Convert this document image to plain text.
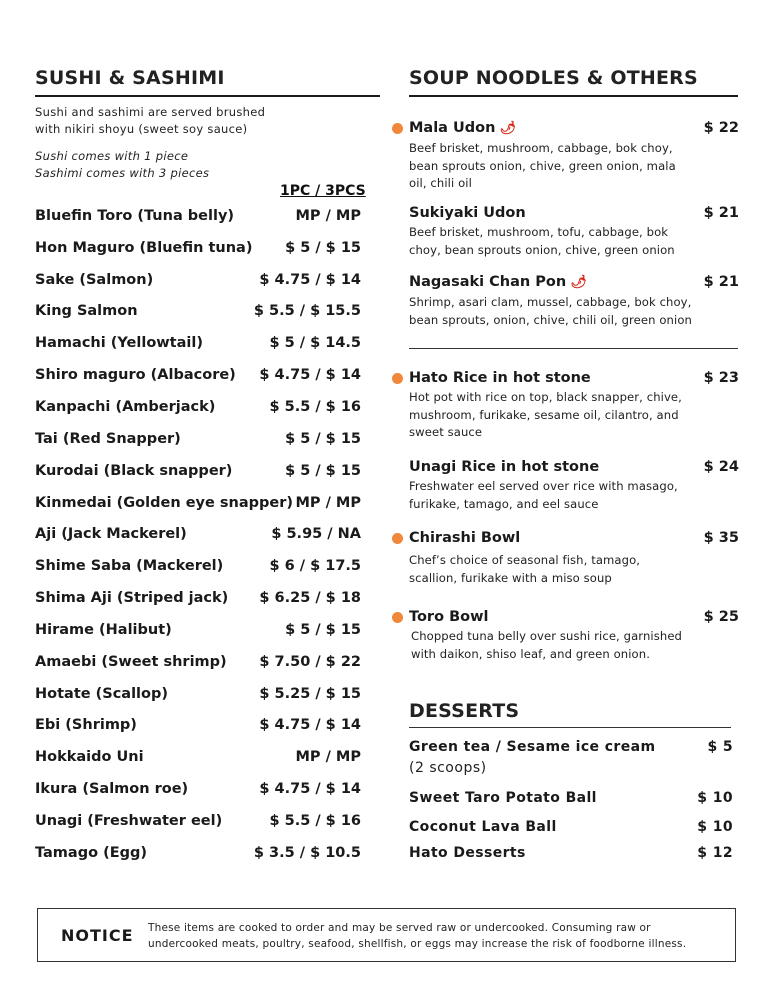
SUSHI & SASHIMI
Sushi and sashimi are served brushed
with nikiri shoyu (sweet soy sauce)
Sushi comes with 1 piece
Sashimi comes with 3 pieces
1PC / 3PCS
Bluefin Toro (Tuna belly)	MP / MP
Hon Maguro (Bluefin tuna) $ 5 / $ 15
Sake (Salmon)	$ 4.75 / $ 14
King Salmon	$ 5.5 / $ 15.5
Hamachi (Yellowtail)	$ 5 / $ 14.5
Shiro maguro (Albacore) $ 4.75 / $ 14
Kanpachi (Amberjack)	$ 5.5 / $ 16
Tai (Red Snapper)	$ 5 / $ 15
Kurodai (Black snapper)	$ 5 / $ 15
Kinmedai (Golden eye snapper) MP / MP
Aji (Jack Mackerel)	$ 5.95 / NA
Shime Saba (Mackerel)	$ 6 / $ 17.5
Shima Aji (Striped jack) $ 6.25 / $ 18
Hirame (Halibut)	$ 5 / $ 15
Amaebi (Sweet shrimp) $ 7.50 / $ 22
Hotate (Scallop)	$ 5.25 / $ 15
Ebi (Shrimp)	$ 4.75 / $ 14
Hokkaido Uni	MP / MP
Ikura (Salmon roe)	$ 4.75 / $ 14
Unagi (Freshwater eel)	$ 5.5 / $ 16
Tamago (Egg)	$ 3.5 / $ 10.5
SOUP NOODLES & OTHERS
Mala Udon 🌶	$ 22
Beef brisket, mushroom, cabbage, bok choy,
bean sprouts onion, chive, green onion, mala
oil, chili oil
Sukiyaki Udon	$ 21
Beef brisket, mushroom, tofu, cabbage, bok
choy, bean sprouts onion, chive, green onion
Nagasaki Chan Pon 🌶	$ 21
Shrimp, asari clam, mussel, cabbage, bok choy,
bean sprouts, onion, chive, chili oil, green onion
Hato Rice in hot stone	$ 23
Hot pot with rice on top, black snapper, chive,
mushroom, furikake, sesame oil, cilantro, and
sweet sauce
Unagi Rice in hot stone	$ 24
Freshwater eel served over rice with masago,
furikake, tamago, and eel sauce
Chirashi Bowl	$ 35
Chef’s choice of seasonal fish, tamago,
scallion, furikake with a miso soup
Toro Bowl	$ 25
Chopped tuna belly over sushi rice, garnished
with daikon, shiso leaf, and green onion.
DESSERTS
Green tea / Sesame ice cream	$ 5
(2 scoops)
Sweet Taro Potato Ball	$ 10
Coconut Lava Ball	$ 10
Hato Desserts	$ 12
NOTICE These items are cooked to order and may be served raw or undercooked. Consuming raw or
undercooked meats, poultry, seafood, shellfish, or eggs may increase the risk of foodborne illness.
